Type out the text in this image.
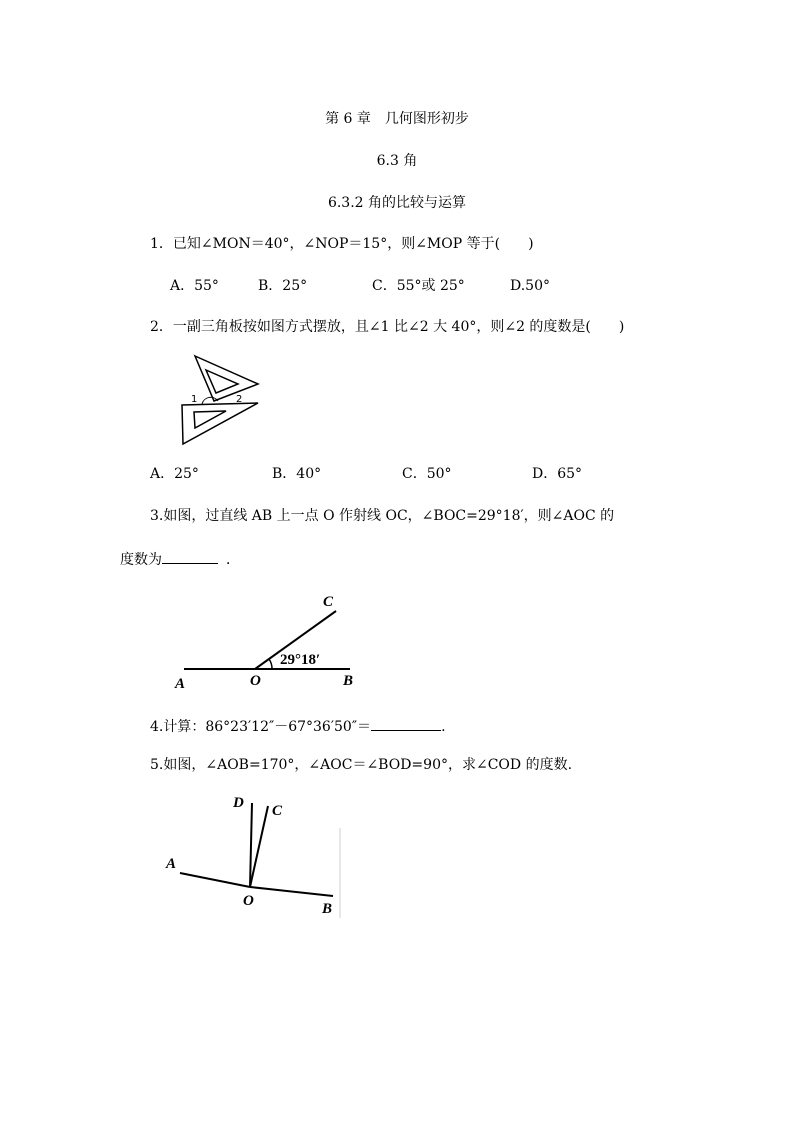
第 6 章　几何图形初步
6.3 角
6.3.2 角的比较与运算
1．已知∠MON＝40°，∠NOP＝15°，则∠MOP 等于(　　)
A．55°	B．25°	C．55°或 25°	D.50°
2．一副三角板按如图方式摆放，且∠1 比∠2 大 40°，则∠2 的度数是(　　)
1	2
A．25°	B．40°	C．50°	D．65°
3.如图，过直线 AB 上一点 O 作射线 OC，∠BOC=29°18′，则∠AOC 的
度数为	．
A	O	B
C
29°18′
4.计算：86°23′12″－67°36′50″＝	.
5.如图，∠AOB=170°，∠AOC＝∠BOD=90°，求∠COD 的度数.
A
O	B
C
D
